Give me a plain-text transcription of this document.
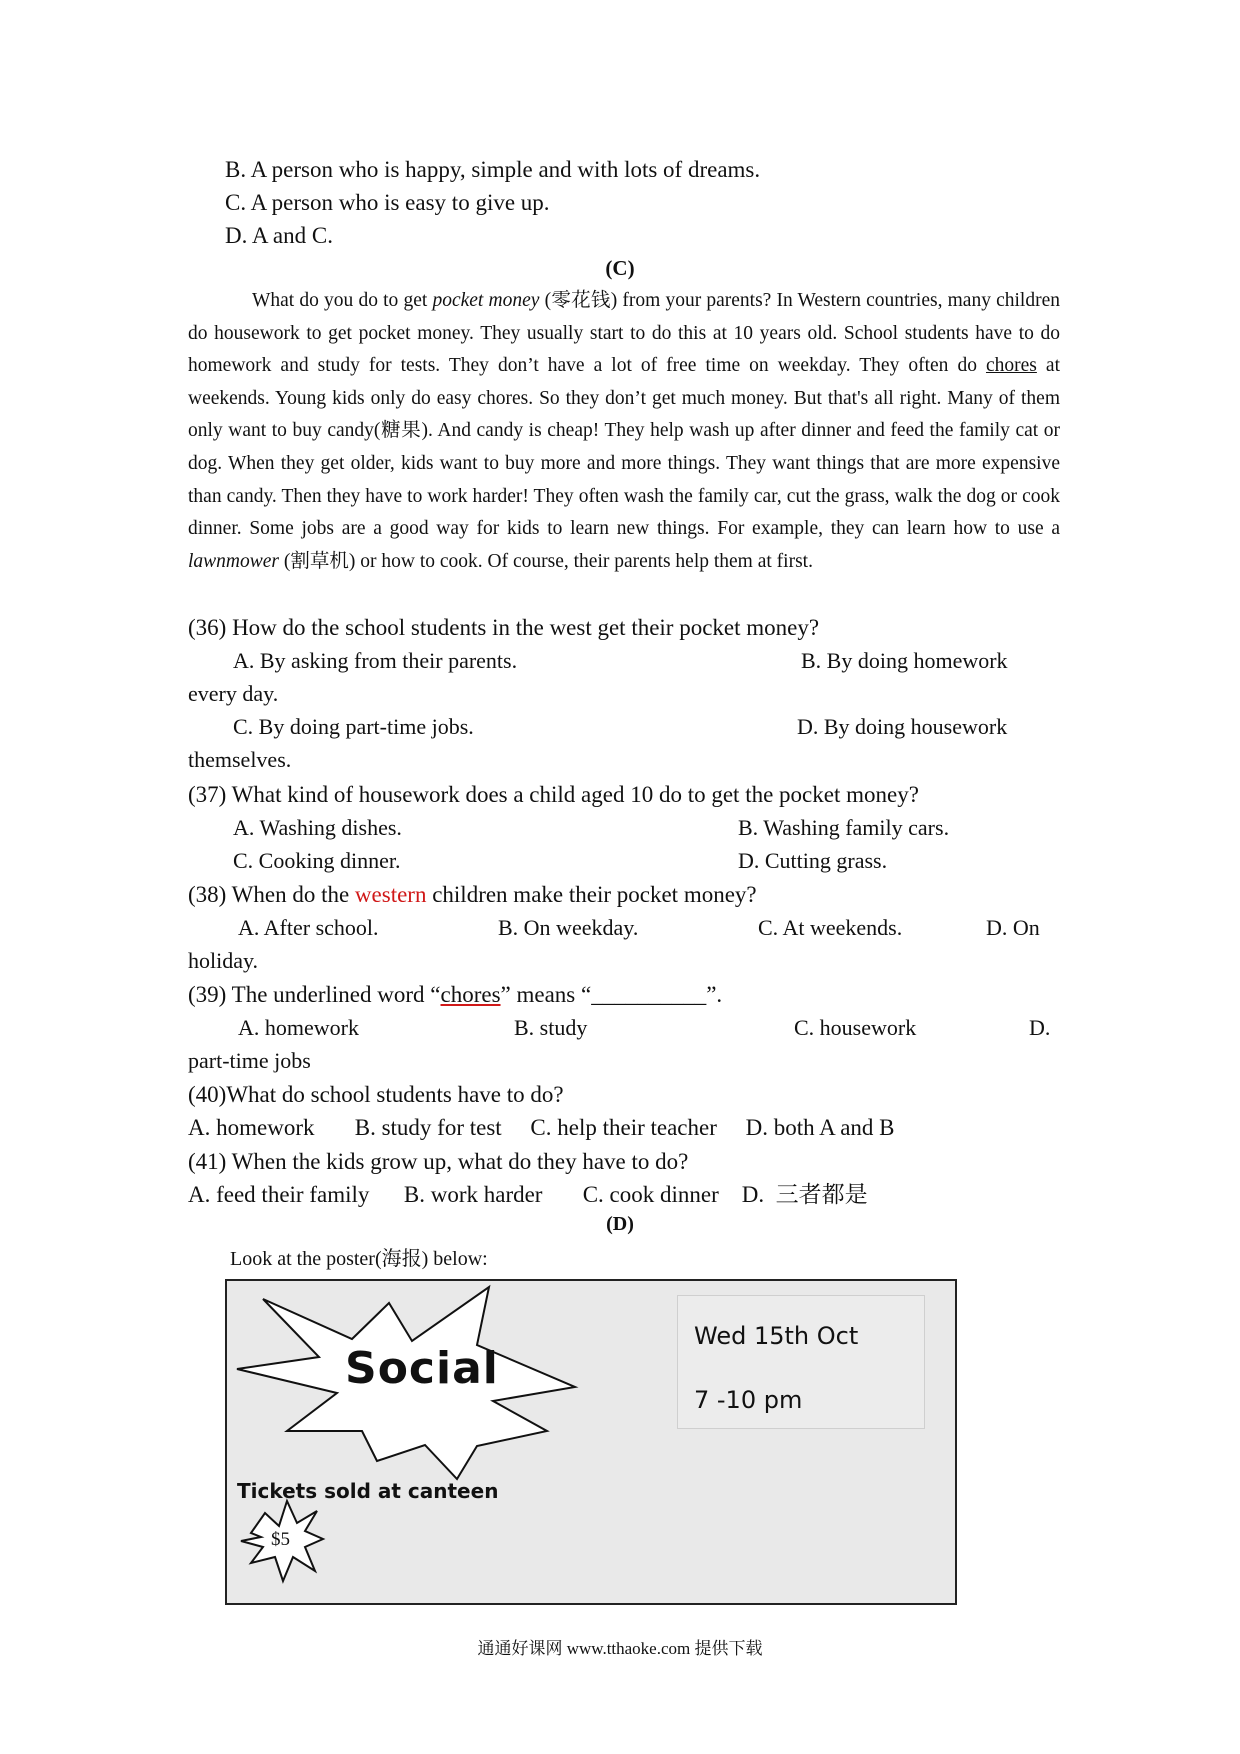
B. A person who is happy, simple and with lots of dreams.
C. A person who is easy to give up.
D. A and C.
(C)
What do you do to get pocket money (零花钱) from your parents? In Western countries, many children do housework to get pocket money. They usually start to do this at 10 years old. School students have to do homework and study for tests. They don’t have a lot of free time on weekday. They often do chores at weekends. Young kids only do easy chores. So they don’t get much money. But that's all right. Many of them only want to buy candy(糖果). And candy is cheap! They help wash up after dinner and feed the family cat or dog. When they get older, kids want to buy more and more things. They want things that are more expensive than candy. Then they have to work harder! They often wash the family car, cut the grass, walk the dog or cook dinner. Some jobs are a good way for kids to learn new things. For example, they can learn how to use a lawnmower (割草机) or how to cook. Of course, their parents help them at first.
(36) How do the school students in the west get their pocket money?
A. By asking from their parents.	B. By doing homework
every day.
C. By doing part-time jobs.	D. By doing housework
themselves.
(37) What kind of housework does a child aged 10 do to get the pocket money?
A. Washing dishes.	B. Washing family cars.
C. Cooking dinner.	D. Cutting grass.
(38) When do the western children make their pocket money?
A. After school.	B. On weekday.	C. At weekends.	D. On
holiday.
(39) The underlined word “chores” means “__________”.
A. homework	B. study	C. housework	D.
part-time jobs
(40)What do school students have to do?
A. homework       B. study for test     C. help their teacher     D. both A and B
(41) When the kids grow up, what do they have to do?
A. feed their family      B. work harder       C. cook dinner    D.  三者都是
(D)
Look at the poster(海报) below:
Social
Wed 15th Oct
7 -10 pm
Tickets sold at canteen
$5
通通好课网 www.tthaoke.com 提供下载
